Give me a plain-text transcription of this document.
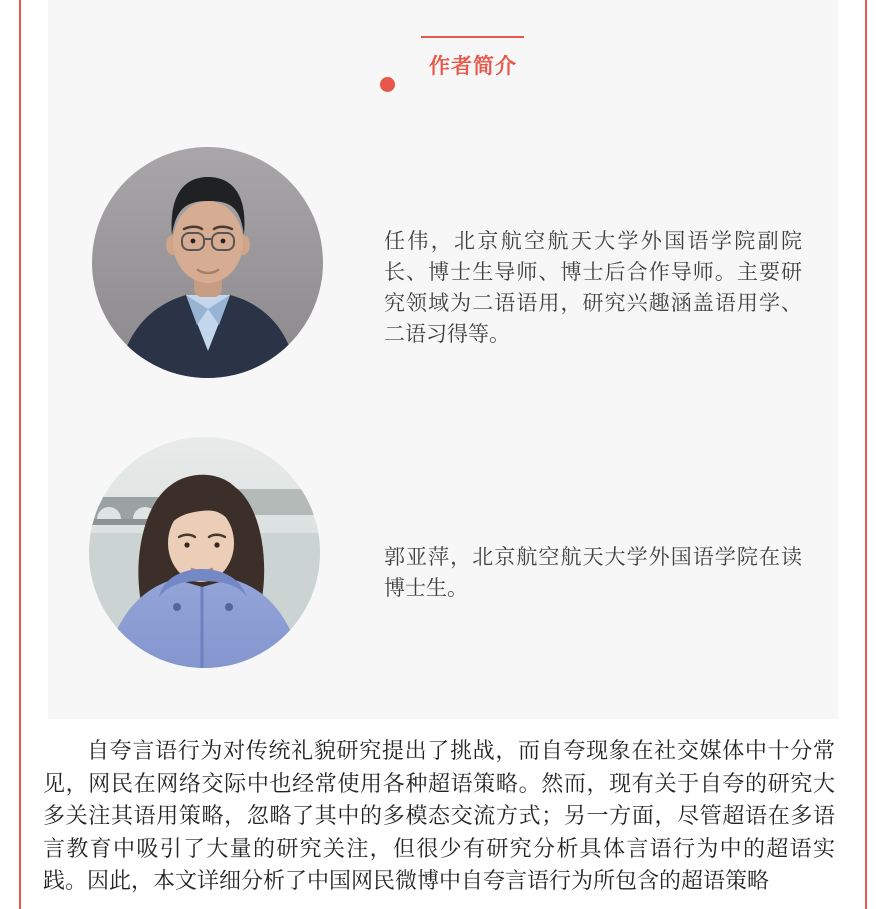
作者简介

任伟，北京航空航天大学外国语学院副院
长、博士生导师、博士后合作导师。主要研
究领域为二语语用，研究兴趣涵盖语用学、
二语习得等。

郭亚萍，北京航空航天大学外国语学院在读
博士生。

自夸言语行为对传统礼貌研究提出了挑战，而自夸现象在社交媒体中十分常
见，网民在网络交际中也经常使用各种超语策略。然而，现有关于自夸的研究大
多关注其语用策略，忽略了其中的多模态交流方式；另一方面，尽管超语在多语
言教育中吸引了大量的研究关注，但很少有研究分析具体言语行为中的超语实
践。因此，本文详细分析了中国网民微博中自夸言语行为所包含的超语策略
